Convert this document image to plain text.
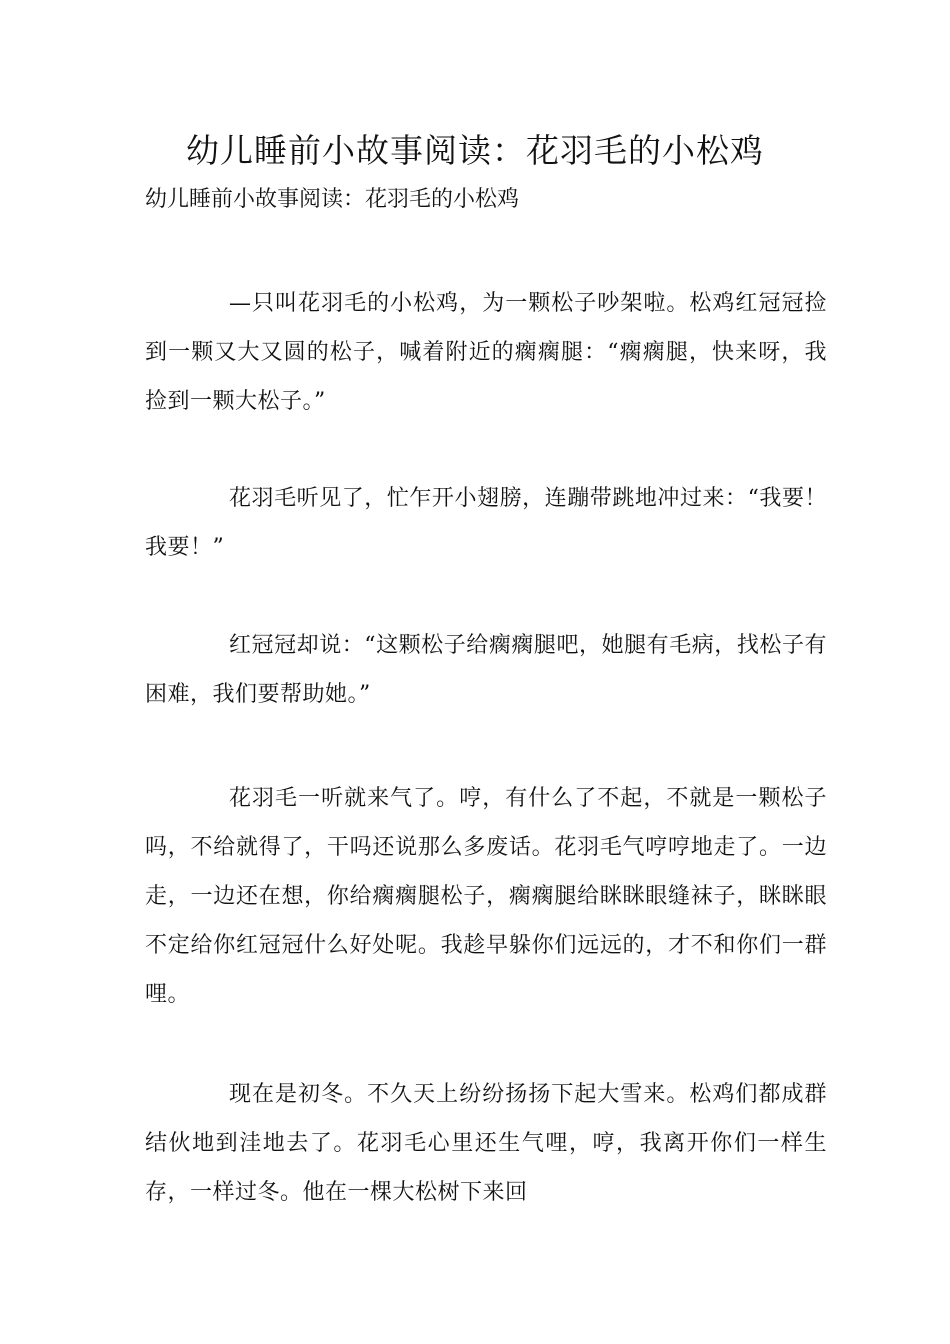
幼儿睡前小故事阅读：花羽毛的小松鸡

幼儿睡前小故事阅读：花羽毛的小松鸡

—只叫花羽毛的小松鸡，为一颗松子吵架啦。松鸡红冠冠捡到一颗又大又圆的松子，喊着附近的瘸瘸腿：“瘸瘸腿，快来呀，我捡到一颗大松子。”

花羽毛听见了，忙乍开小翅膀，连蹦带跳地冲过来：“我要！我要！”

红冠冠却说：“这颗松子给瘸瘸腿吧，她腿有毛病，找松子有困难，我们要帮助她。”

花羽毛一听就来气了。哼，有什么了不起，不就是一颗松子吗，不给就得了，干吗还说那么多废话。花羽毛气哼哼地走了。一边走，一边还在想，你给瘸瘸腿松子，瘸瘸腿给眯眯眼缝袜子，眯眯眼不定给你红冠冠什么好处呢。我趁早躲你们远远的，才不和你们一群哩。

现在是初冬。不久天上纷纷扬扬下起大雪来。松鸡们都成群结伙地到洼地去了。花羽毛心里还生气哩，哼，我离开你们一样生存，一样过冬。他在一棵大松树下来回
